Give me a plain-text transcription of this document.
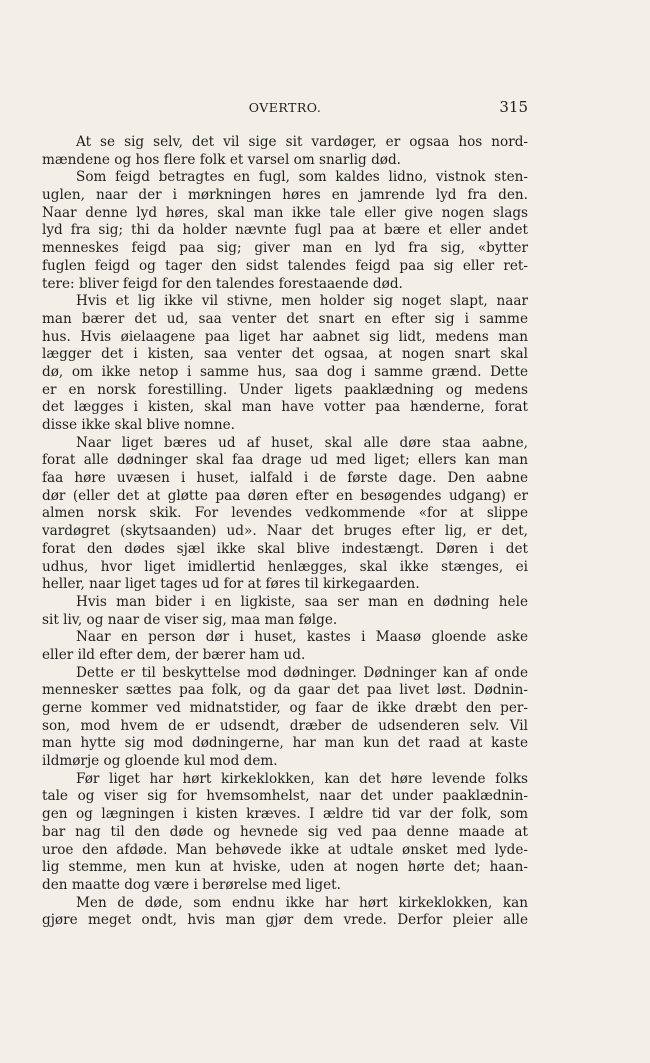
OVERTRO.	315
At se sig selv, det vil sige sit vardøger, er ogsaa hos nord-
mændene og hos flere folk et varsel om snarlig død.
Som feigd betragtes en fugl, som kaldes lidno, vistnok sten-
uglen, naar der i mørkningen høres en jamrende lyd fra den.
Naar denne lyd høres, skal man ikke tale eller give nogen slags
lyd fra sig; thi da holder nævnte fugl paa at bære et eller andet
menneskes feigd paa sig; giver man en lyd fra sig, «bytter
fuglen feigd og tager den sidst talendes feigd paa sig eller ret-
tere: bliver feigd for den talendes forestaaende død.
Hvis et lig ikke vil stivne, men holder sig noget slapt, naar
man bærer det ud, saa venter det snart en efter sig i samme
hus. Hvis øielaagene paa liget har aabnet sig lidt, medens man
lægger det i kisten, saa venter det ogsaa, at nogen snart skal
dø, om ikke netop i samme hus, saa dog i samme grænd. Dette
er en norsk forestilling. Under ligets paaklædning og medens
det lægges i kisten, skal man have votter paa hænderne, forat
disse ikke skal blive nomne.
Naar liget bæres ud af huset, skal alle døre staa aabne,
forat alle dødninger skal faa drage ud med liget; ellers kan man
faa høre uvæsen i huset, ialfald i de første dage. Den aabne
dør (eller det at gløtte paa døren efter en besøgendes udgang) er
almen norsk skik. For levendes vedkommende «for at slippe
vardøgret (skytsaanden) ud». Naar det bruges efter lig, er det,
forat den dødes sjæl ikke skal blive indestængt. Døren i det
udhus, hvor liget imidlertid henlægges, skal ikke stænges, ei
heller, naar liget tages ud for at føres til kirkegaarden.
Hvis man bider i en ligkiste, saa ser man en dødning hele
sit liv, og naar de viser sig, maa man følge.
Naar en person dør i huset, kastes i Maasø gloende aske
eller ild efter dem, der bærer ham ud.
Dette er til beskyttelse mod dødninger. Dødninger kan af onde
mennesker sættes paa folk, og da gaar det paa livet løst. Dødnin-
gerne kommer ved midnatstider, og faar de ikke dræbt den per-
son, mod hvem de er udsendt, dræber de udsenderen selv. Vil
man hytte sig mod dødningerne, har man kun det raad at kaste
ildmørje og gloende kul mod dem.
Før liget har hørt kirkeklokken, kan det høre levende folks
tale og viser sig for hvemsomhelst, naar det under paaklædnin-
gen og lægningen i kisten kræves. I ældre tid var der folk, som
bar nag til den døde og hevnede sig ved paa denne maade at
uroe den afdøde. Man behøvede ikke at udtale ønsket med lyde-
lig stemme, men kun at hviske, uden at nogen hørte det; haan-
den maatte dog være i berørelse med liget.
Men de døde, som endnu ikke har hørt kirkeklokken, kan
gjøre meget ondt, hvis man gjør dem vrede. Derfor pleier alle
